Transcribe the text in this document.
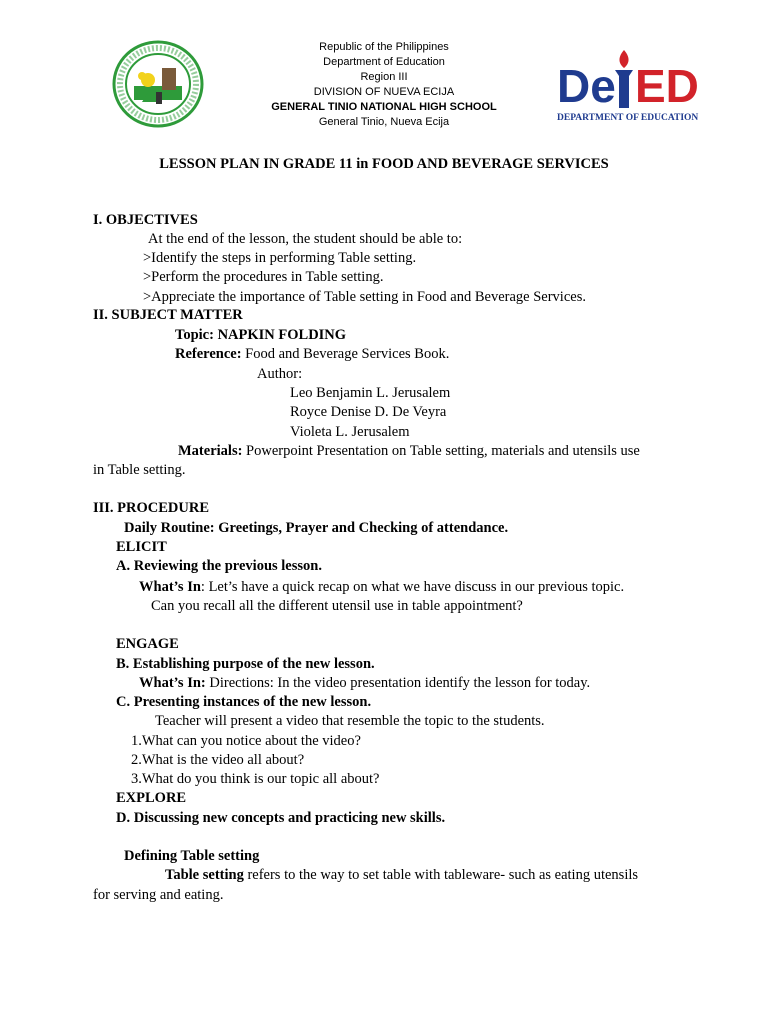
Republic of the Philippines
Department of Education
Region III
DIVISION OF NUEVA ECIJA
GENERAL TINIO NATIONAL HIGH SCHOOL
General Tinio, Nueva Ecija
De ED
DEPARTMENT OF EDUCATION
LESSON PLAN IN GRADE 11 in FOOD AND BEVERAGE SERVICES
I. OBJECTIVES
At the end of the lesson, the student should be able to:
>Identify the steps in performing Table setting.
>Perform the procedures in Table setting.
>Appreciate the importance of Table setting in Food and Beverage Services.
II. SUBJECT MATTER
Topic: NAPKIN FOLDING
Reference: Food and Beverage Services Book.
Author:
Leo Benjamin L. Jerusalem
Royce Denise D. De Veyra
Violeta L. Jerusalem
Materials: Powerpoint Presentation on Table setting, materials and utensils use
in Table setting.
III. PROCEDURE
Daily Routine: Greetings, Prayer and Checking of attendance.
ELICIT
A. Reviewing the previous lesson.
What’s In: Let’s have a quick recap on what we have discuss in our previous topic.
Can you recall all the different utensil use in table appointment?
ENGAGE
B. Establishing purpose of the new lesson.
What’s In: Directions: In the video presentation identify the lesson for today.
C. Presenting instances of the new lesson.
Teacher will present a video that resemble the topic to the students.
1.What can you notice about the video?
2.What is the video all about?
3.What do you think is our topic all about?
EXPLORE
D. Discussing new concepts and practicing new skills.
Defining Table setting
Table setting refers to the way to set table with tableware- such as eating utensils
for serving and eating.
